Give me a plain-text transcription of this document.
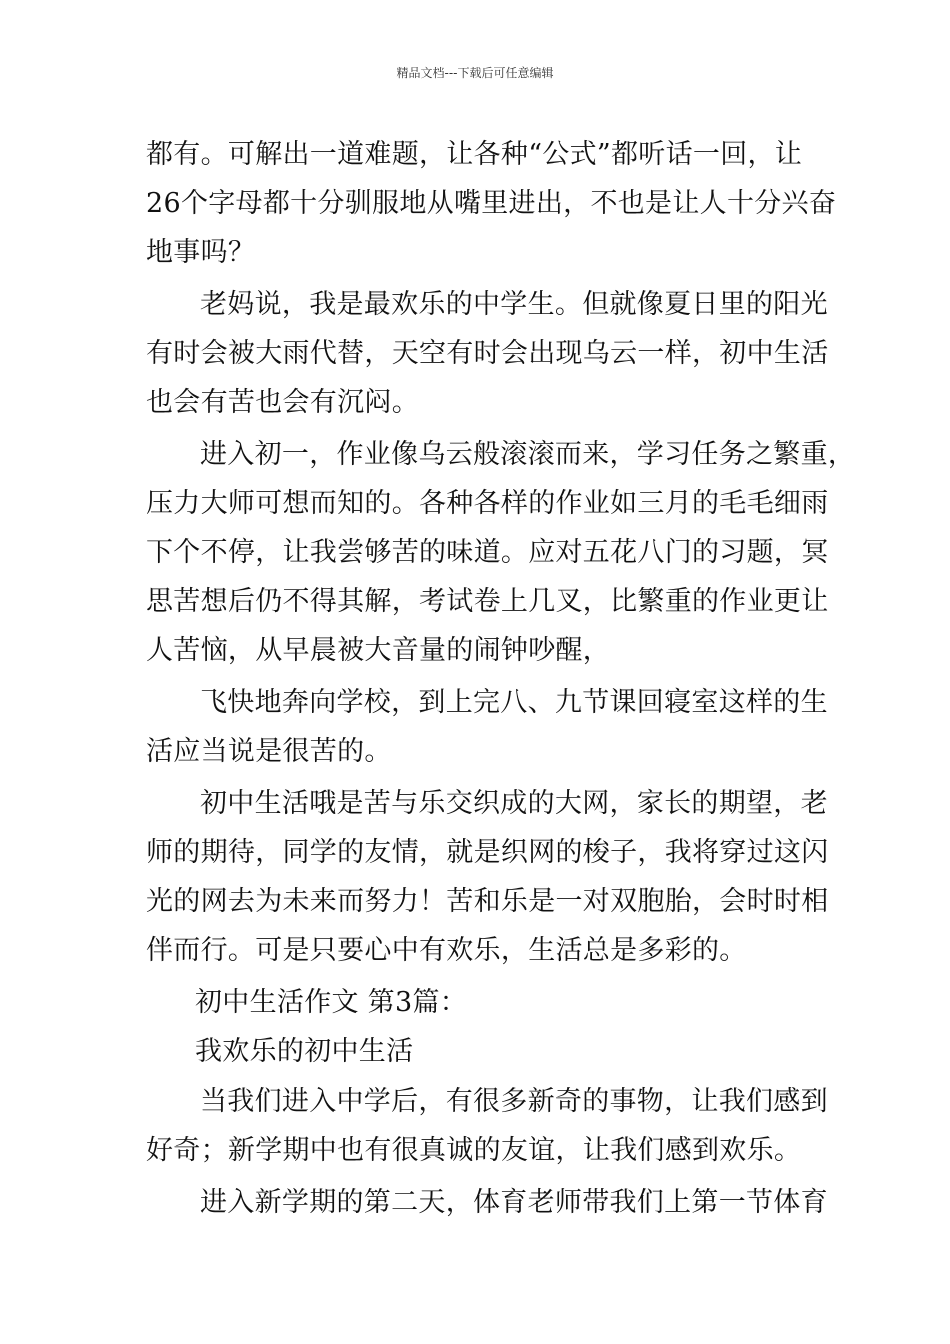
精品文档---下载后可任意编辑
都有。可解出一道难题，让各种“公式”都听话一回，让
26个字母都十分驯服地从嘴里进出，不也是让人十分兴奋
地事吗？
老妈说，我是最欢乐的中学生。但就像夏日里的阳光
有时会被大雨代替，天空有时会出现乌云一样，初中生活
也会有苦也会有沉闷。
进入初一，作业像乌云般滚滚而来，学习任务之繁重，
压力大师可想而知的。各种各样的作业如三月的毛毛细雨
下个不停，让我尝够苦的味道。应对五花八门的习题，冥
思苦想后仍不得其解，考试卷上几叉，比繁重的作业更让
人苦恼，从早晨被大音量的闹钟吵醒，
飞快地奔向学校，到上完八、九节课回寝室这样的生
活应当说是很苦的。
初中生活哦是苦与乐交织成的大网，家长的期望，老
师的期待，同学的友情，就是织网的梭子，我将穿过这闪
光的网去为未来而努力！苦和乐是一对双胞胎，会时时相
伴而行。可是只要心中有欢乐，生活总是多彩的。
初中生活作文 第3篇：
我欢乐的初中生活
当我们进入中学后，有很多新奇的事物，让我们感到
好奇；新学期中也有很真诚的友谊，让我们感到欢乐。
进入新学期的第二天，体育老师带我们上第一节体育
